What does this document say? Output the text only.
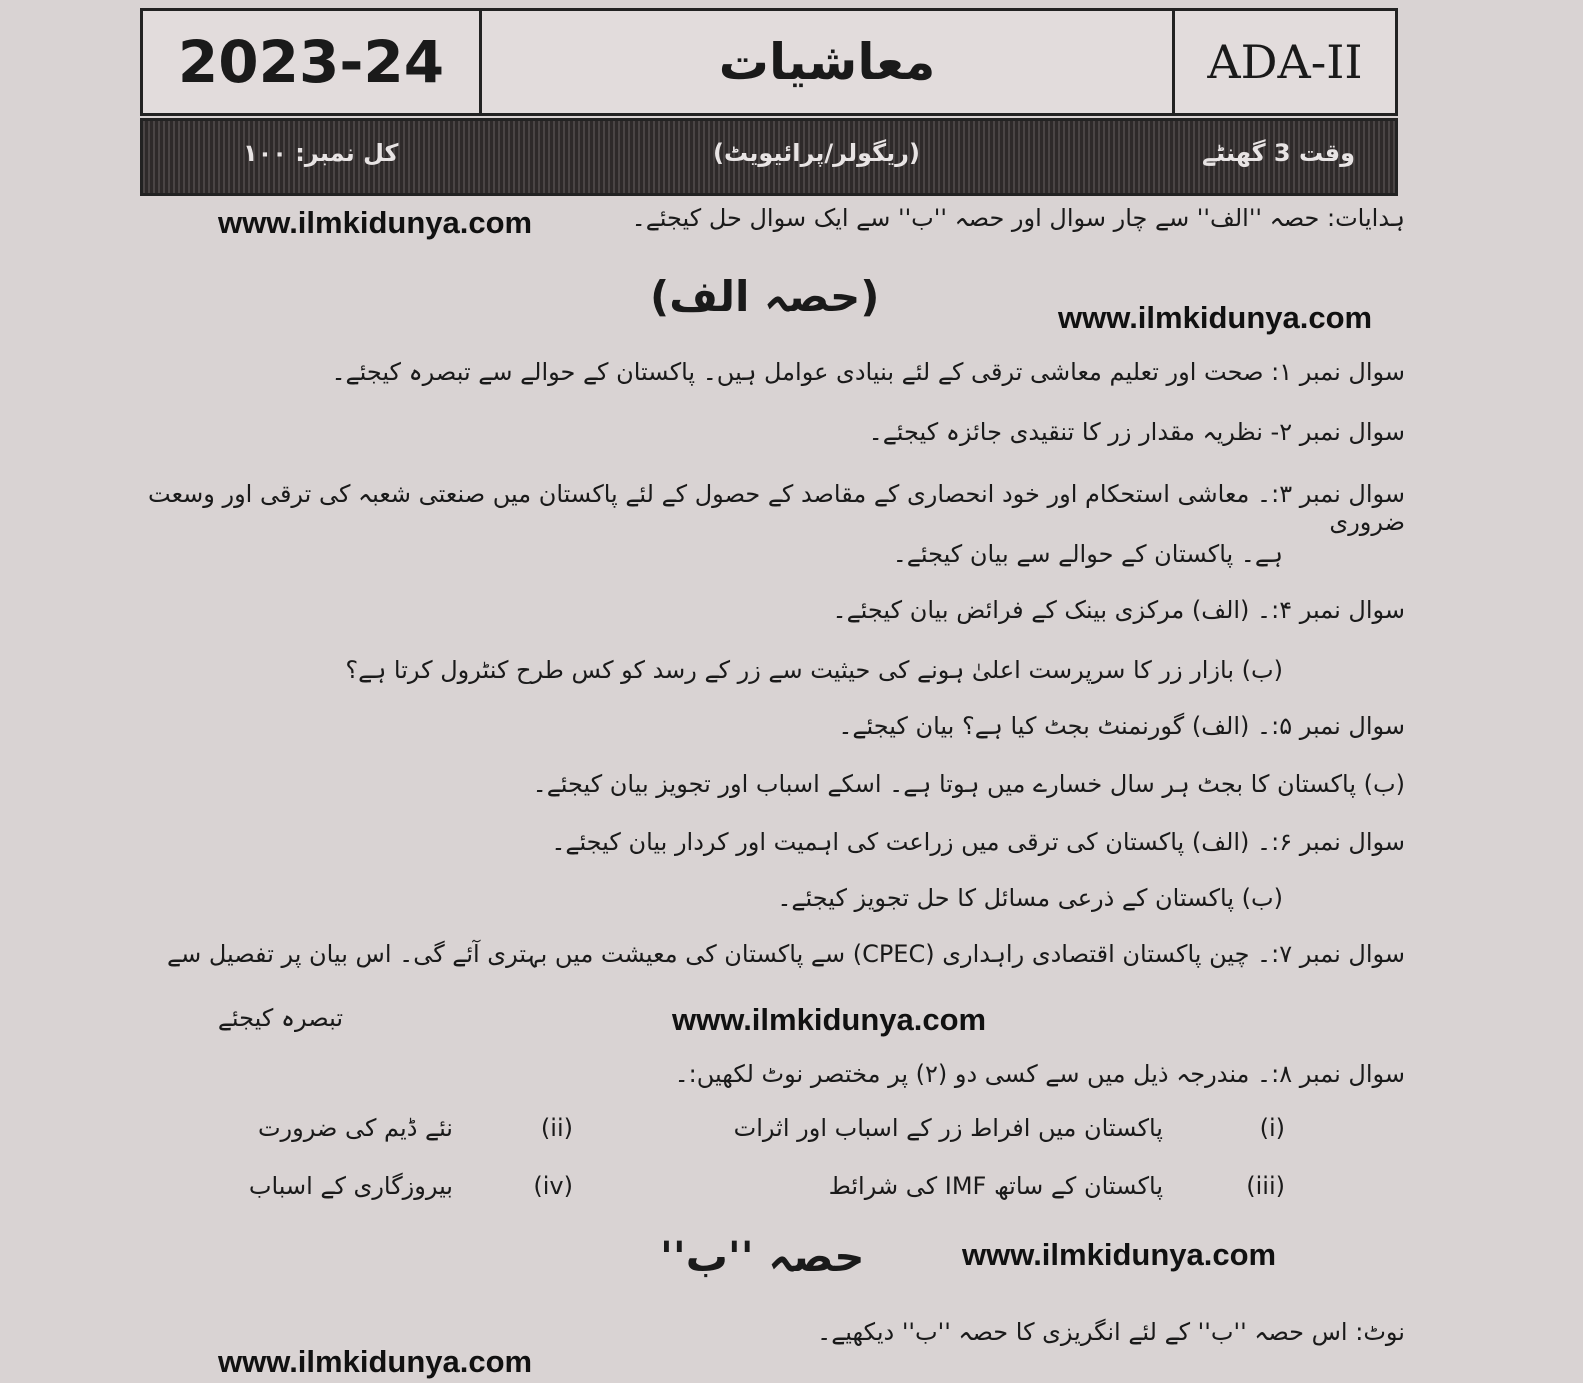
2023-24	معاشیات	ADA-II
وقت 3 گھنٹے
(ریگولر/پرائیویٹ)
کل نمبر: ۱۰۰
www.ilmkidunya.com	ہدایات: حصہ ''الف'' سے چار سوال اور حصہ ''ب'' سے ایک سوال حل کیجئے۔
(حصہ الف)	www.ilmkidunya.com
سوال نمبر ۱: صحت اور تعلیم معاشی ترقی کے لئے بنیادی عوامل ہیں۔ پاکستان کے حوالے سے تبصرہ کیجئے۔
سوال نمبر ۲- نظریہ مقدار زر کا تنقیدی جائزہ کیجئے۔
سوال نمبر ۳:۔ معاشی استحکام اور خود انحصاری کے مقاصد کے حصول کے لئے پاکستان میں صنعتی شعبہ کی ترقی اور وسعت ضروری
ہے۔ پاکستان کے حوالے سے بیان کیجئے۔
سوال نمبر ۴:۔ (الف) مرکزی بینک کے فرائض بیان کیجئے۔
(ب) بازار زر کا سرپرست اعلیٰ ہونے کی حیثیت سے زر کے رسد کو کس طرح کنٹرول کرتا ہے؟
سوال نمبر ۵:۔ (الف) گورنمنٹ بجٹ کیا ہے؟ بیان کیجئے۔
(ب) پاکستان کا بجٹ ہر سال خسارے میں ہوتا ہے۔ اسکے اسباب اور تجویز بیان کیجئے۔
سوال نمبر ۶:۔ (الف) پاکستان کی ترقی میں زراعت کی اہمیت اور کردار بیان کیجئے۔
(ب) پاکستان کے ذرعی مسائل کا حل تجویز کیجئے۔
سوال نمبر ۷:۔ چین پاکستان اقتصادی راہداری (CPEC) سے پاکستان کی معیشت میں بہتری آئے گی۔ اس بیان پر تفصیل سے
www.ilmkidunya.com
تبصرہ کیجئے
سوال نمبر ۸:۔ مندرجہ ذیل میں سے کسی دو (۲) پر مختصر نوٹ لکھیں:۔
(i)
پاکستان میں افراط زر کے اسباب اور اثرات
(ii)
نئے ڈیم کی ضرورت
(iii)
پاکستان کے ساتھ IMF کی شرائط
(iv)
بیروزگاری کے اسباب
حصہ ''ب''	www.ilmkidunya.com
نوٹ: اس حصہ ''ب'' کے لئے انگریزی کا حصہ ''ب'' دیکھیے۔
www.ilmkidunya.com
